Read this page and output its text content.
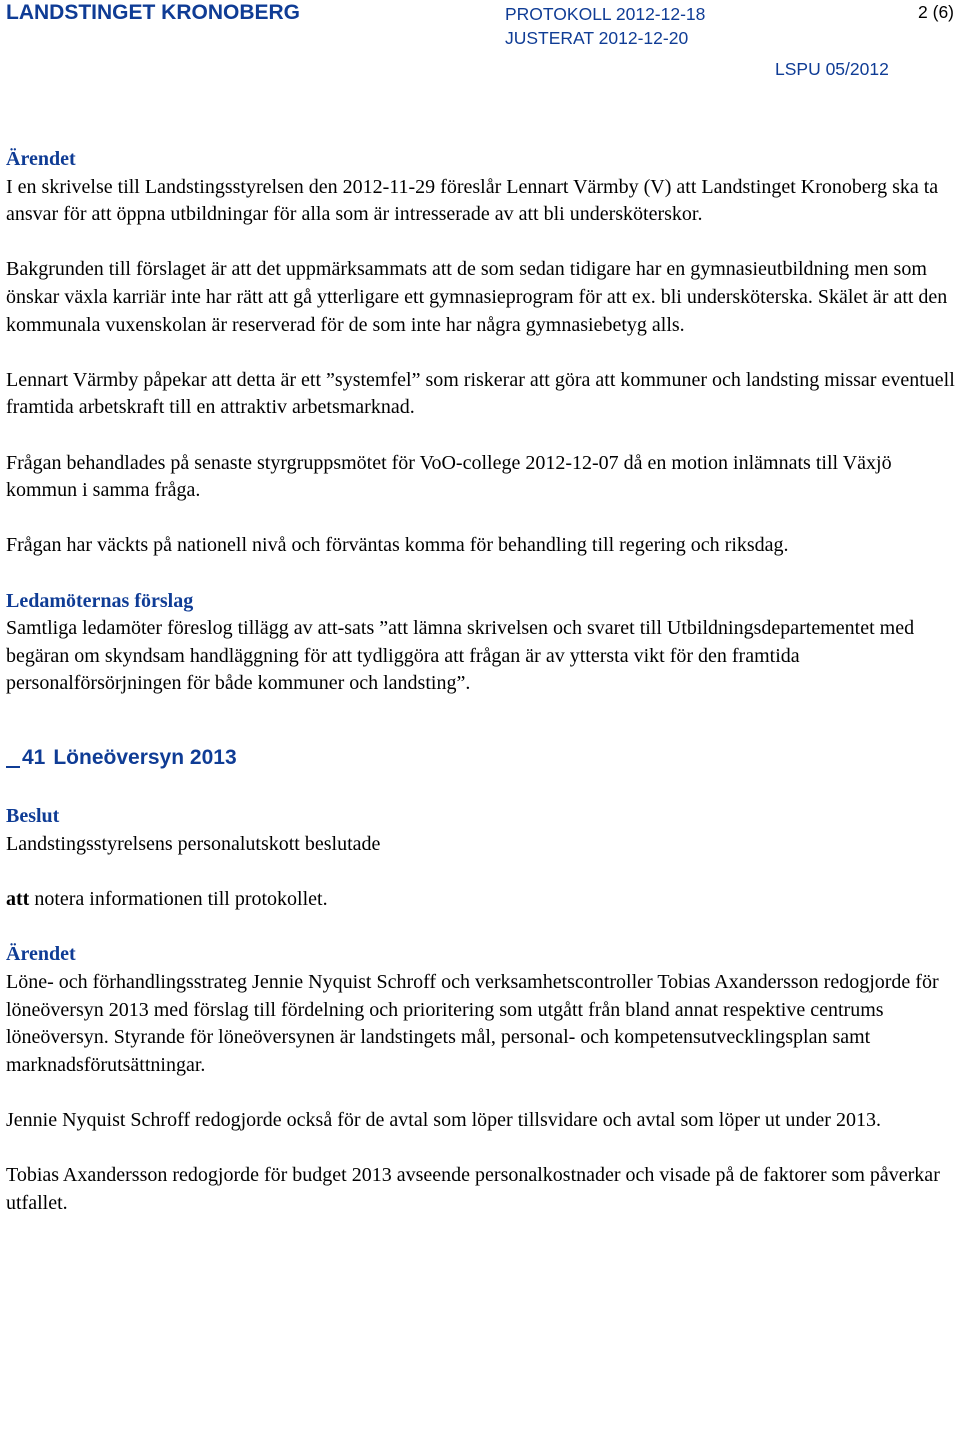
LANDSTINGET KRONOBERG	PROTOKOLL 2012-12-18
JUSTERAT 2012-12-20
LSPU 05/2012
2 (6)
Ärendet

I en skrivelse till Landstingsstyrelsen den 2012-11-29 föreslår Lennart Värmby (V) att Landstinget Kronoberg ska ta ansvar för att öppna utbildningar för alla som är intresserade av att bli undersköterskor.

Bakgrunden till förslaget är att det uppmärksammats att de som sedan tidigare har en gymnasieutbildning men som önskar växla karriär inte har rätt att gå ytterligare ett gymnasieprogram för att ex. bli undersköterska. Skälet är att den kommunala vuxenskolan är reserverad för de som inte har några gymnasiebetyg alls.

Lennart Värmby påpekar att detta är ett ”systemfel” som riskerar att göra att kommuner och landsting missar eventuell framtida arbetskraft till en attraktiv arbetsmarknad.

Frågan behandlades på senaste styrgruppsmötet för VoO-college 2012-12-07 då en motion inlämnats till Växjö kommun i samma fråga.

Frågan har väckts på nationell nivå och förväntas komma för behandling till regering och riksdag.

Ledamöternas förslag

Samtliga ledamöter föreslog tillägg av att-sats ”att lämna skrivelsen och svaret till Utbildningsdepartementet med begäran om skyndsam handläggning för att tydliggöra att frågan är av yttersta vikt för den framtida personalförsörjningen för både kommuner och landsting”.

41 Löneöversyn 2013
Beslut

Landstingsstyrelsens personalutskott beslutade

att notera informationen till protokollet.

Ärendet

Löne- och förhandlingsstrateg Jennie Nyquist Schroff och verksamhetscontroller Tobias Axandersson redogjorde för löneöversyn 2013 med förslag till fördelning och prioritering som utgått från bland annat respektive centrums löneöversyn. Styrande för löneöversynen är landstingets mål, personal- och kompetensutvecklingsplan samt marknadsförutsättningar.

Jennie Nyquist Schroff redogjorde också för de avtal som löper tillsvidare och avtal som löper ut under 2013.

Tobias Axandersson redogjorde för budget 2013 avseende personalkostnader och visade på de faktorer som påverkar utfallet.
